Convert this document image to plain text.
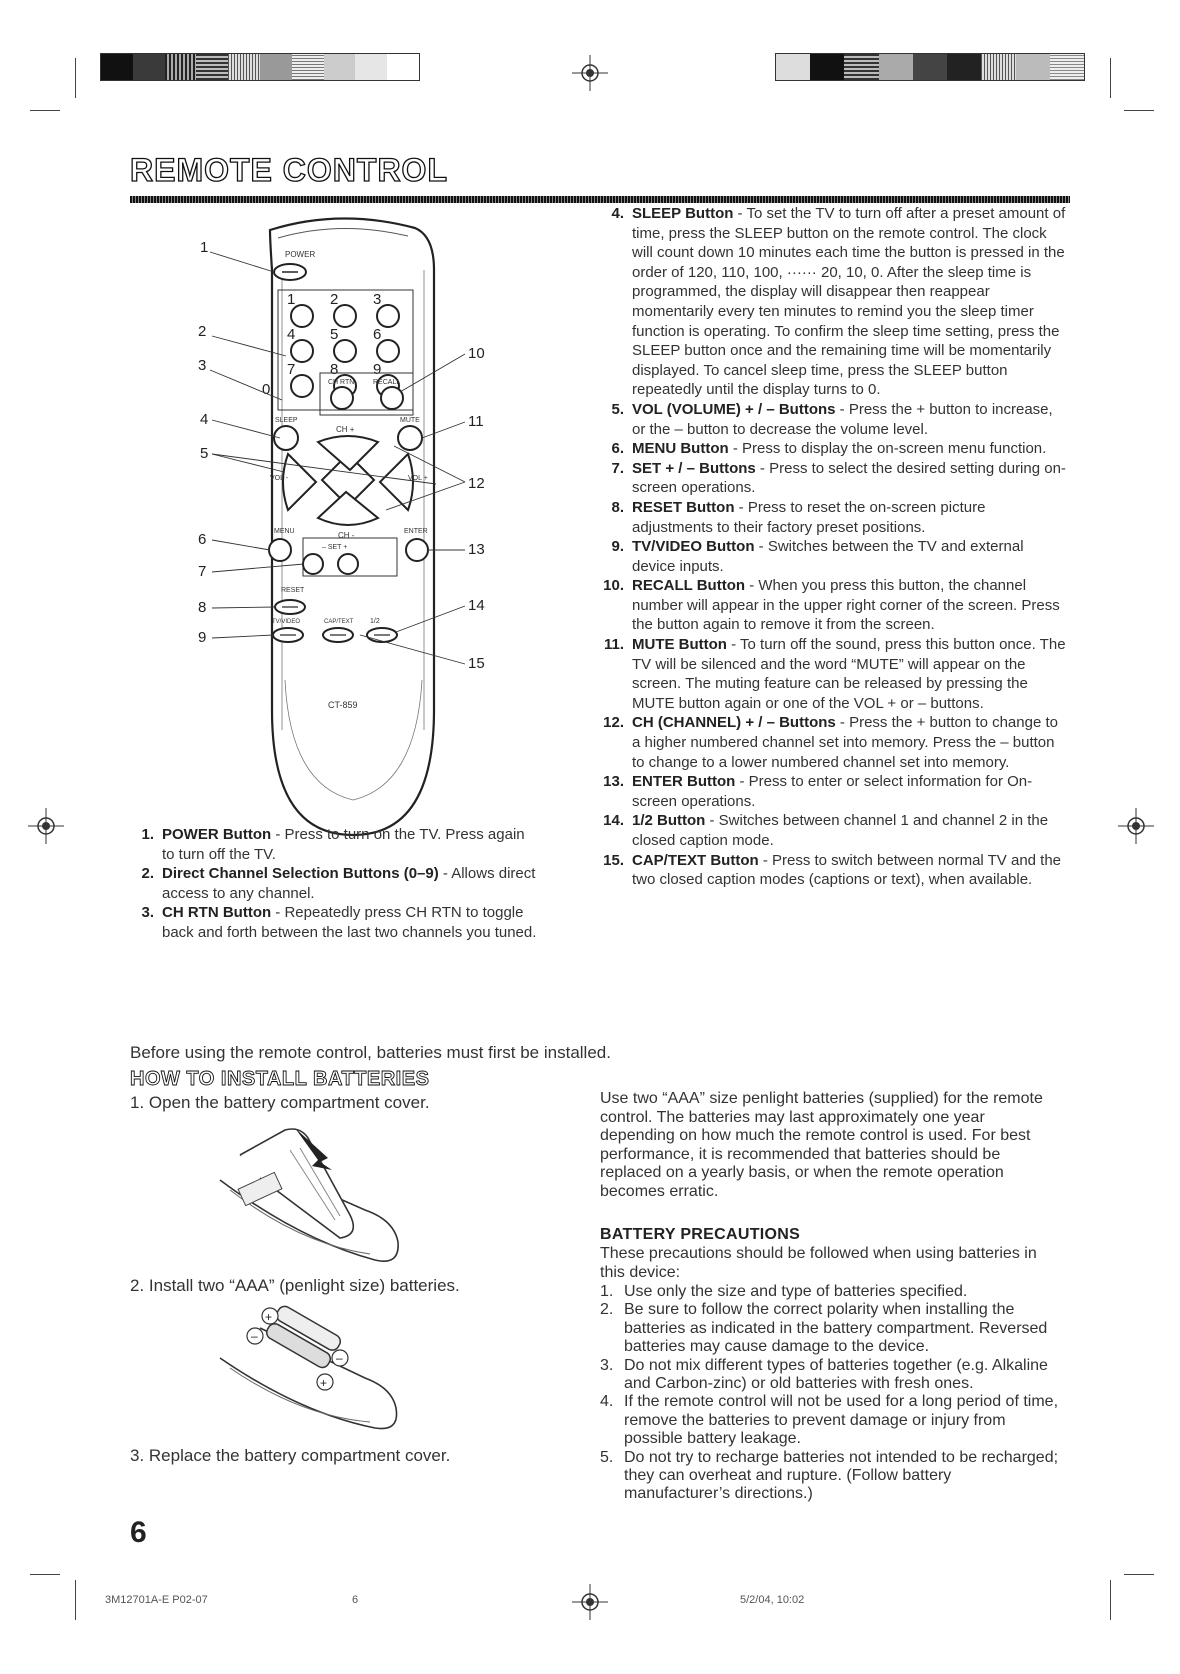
REMOTE CONTROL
POWER
1 2 3
4 5 6
7 8 9
0	CH RTN	RECALL
SLEEP	MUTE
CH +
VOL -	VOL +
MENU	ENTER
CH -
– SET +
RESET
TV/VIDEO	CAP/TEXT 1/2
CT-859
1
2
3
4
5
6
7
8
9
10
11
12
13
14
15
1. POWER Button - Press to turn on the TV. Press again to turn off the TV.
2. Direct Channel Selection Buttons (0–9) - Allows direct access to any channel.
3. CH RTN Button - Repeatedly press CH RTN to toggle back and forth between the last two channels you tuned.
4. SLEEP Button - To set the TV to turn off after a preset amount of time, press the SLEEP button on the remote control. The clock will count down 10 minutes each time the button is pressed in the order of 120, 110, 100, ······ 20, 10, 0. After the sleep time is programmed, the display will disappear then reappear momentarily every ten minutes to remind you the sleep timer function is operating. To confirm the sleep time setting, press the SLEEP button once and the remaining time will be momentarily displayed. To cancel sleep time, press the SLEEP button repeatedly until the display turns to 0.
5. VOL (VOLUME) + / – Buttons - Press the + button to increase, or the – button to decrease the volume level.
6. MENU Button - Press to display the on-screen menu function.
7. SET + / – Buttons - Press to select the desired setting during on-screen operations.
8. RESET Button - Press to reset the on-screen picture adjustments to their factory preset positions.
9. TV/VIDEO Button - Switches between the TV and external device inputs.
10. RECALL Button - When you press this button, the channel number will appear in the upper right corner of the screen. Press the button again to remove it from the screen.
11. MUTE Button - To turn off the sound, press this button once. The TV will be silenced and the word “MUTE” will appear on the screen. The muting feature can be released by pressing the MUTE button again or one of the VOL + or – buttons.
12. CH (CHANNEL) + / – Buttons - Press the + button to change to a higher numbered channel set into memory. Press the – button to change to a lower numbered channel set into memory.
13. ENTER Button - Press to enter or select information for On-screen operations.
14. 1/2 Button - Switches between channel 1 and channel 2 in the closed caption mode.
15. CAP/TEXT Button - Press to switch between normal TV and the two closed caption modes (captions or text), when available.
Before using the remote control, batteries must first be installed.
HOW TO INSTALL BATTERIES
1. Open the battery compartment cover.
2. Install two “AAA” (penlight size) batteries.
+
–
–
+
3. Replace the battery compartment cover.
Use two “AAA” size penlight batteries (supplied) for the remote control. The batteries may last approximately one year depending on how much the remote control is used. For best performance, it is recommended that batteries should be replaced on a yearly basis, or when the remote operation becomes erratic.
BATTERY PRECAUTIONS
These precautions should be followed when using batteries in this device:
1. Use only the size and type of batteries specified.
2. Be sure to follow the correct polarity when installing the batteries as indicated in the battery compartment. Reversed batteries may cause damage to the device.
3. Do not mix different types of batteries together (e.g. Alkaline and Carbon-zinc) or old batteries with fresh ones.
4. If the remote control will not be used for a long period of time, remove the batteries to prevent damage or injury from possible battery leakage.
5. Do not try to recharge batteries not intended to be recharged; they can overheat and rupture. (Follow battery manufacturer’s directions.)
6
3M12701A-E P02-07	6	5/2/04, 10:02
